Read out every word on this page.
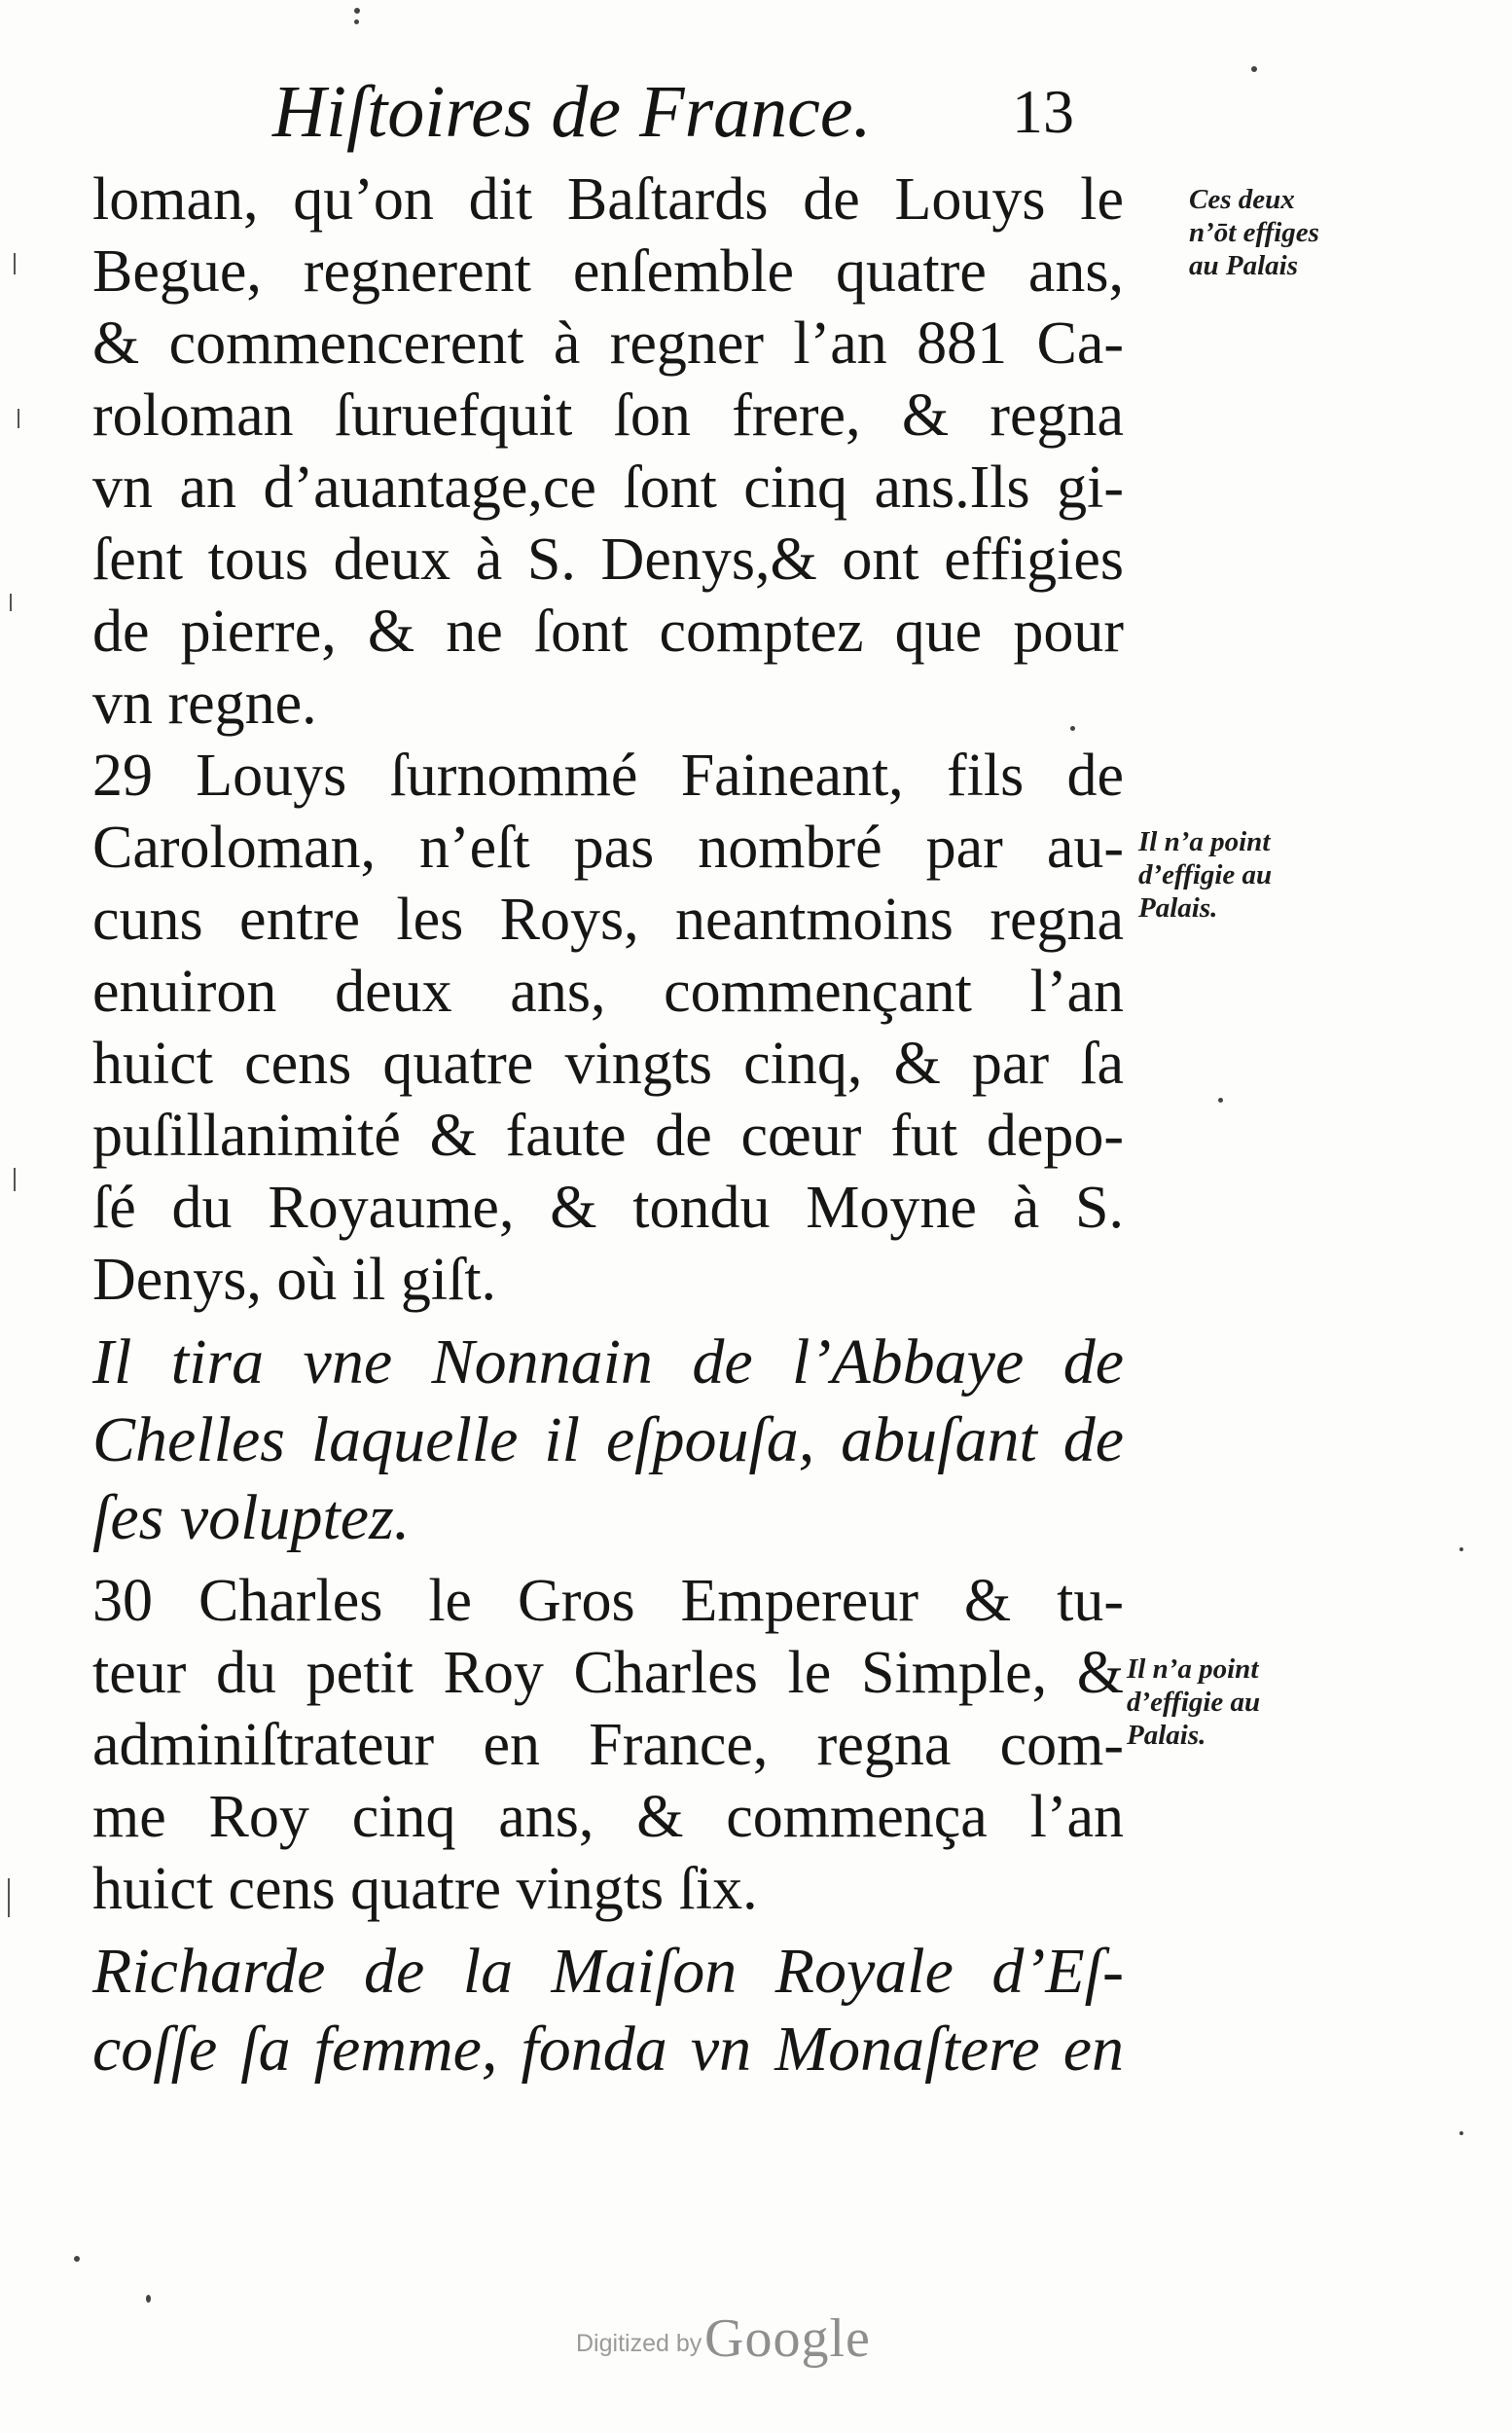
Hiſtoires de France. 13
loman, qu’on dit Baſtards de Louys le
Begue, regnerent enſemble quatre ans,
& commencerent à regner l’an 881 Ca-
roloman ſuruefquit ſon frere, & regna
vn an d’auantage,ce ſont cinq ans.Ils gi-
ſent tous deux à S. Denys,& ont effigies
de pierre, & ne ſont comptez que pour
vn regne.
29 Louys ſurnommé Faineant, fils de
Caroloman, n’eſt pas nombré par au-
cuns entre les Roys, neantmoins regna
enuiron deux ans, commençant l’an
huict cens quatre vingts cinq, & par ſa
puſillanimité & faute de cœur fut depo-
ſé du Royaume, & tondu Moyne à S.
Denys, où il giſt.
Il tira vne Nonnain de l’Abbaye de
Chelles laquelle il eſpouſa, abuſant de
ſes voluptez.
30 Charles le Gros Empereur & tu-
teur du petit Roy Charles le Simple, &
adminiſtrateur en France, regna com-
me Roy cinq ans, & commença l’an
huict cens quatre vingts ſix.
Richarde de la Maiſon Royale d’Eſ-
coſſe ſa femme, fonda vn Monaſtere en
Ces deux
n’ōt effiges
au Palais
Il n’a point
d’effigie au
Palais.
Il n’a point
d’effigie au
Palais.
Digitized by Google
